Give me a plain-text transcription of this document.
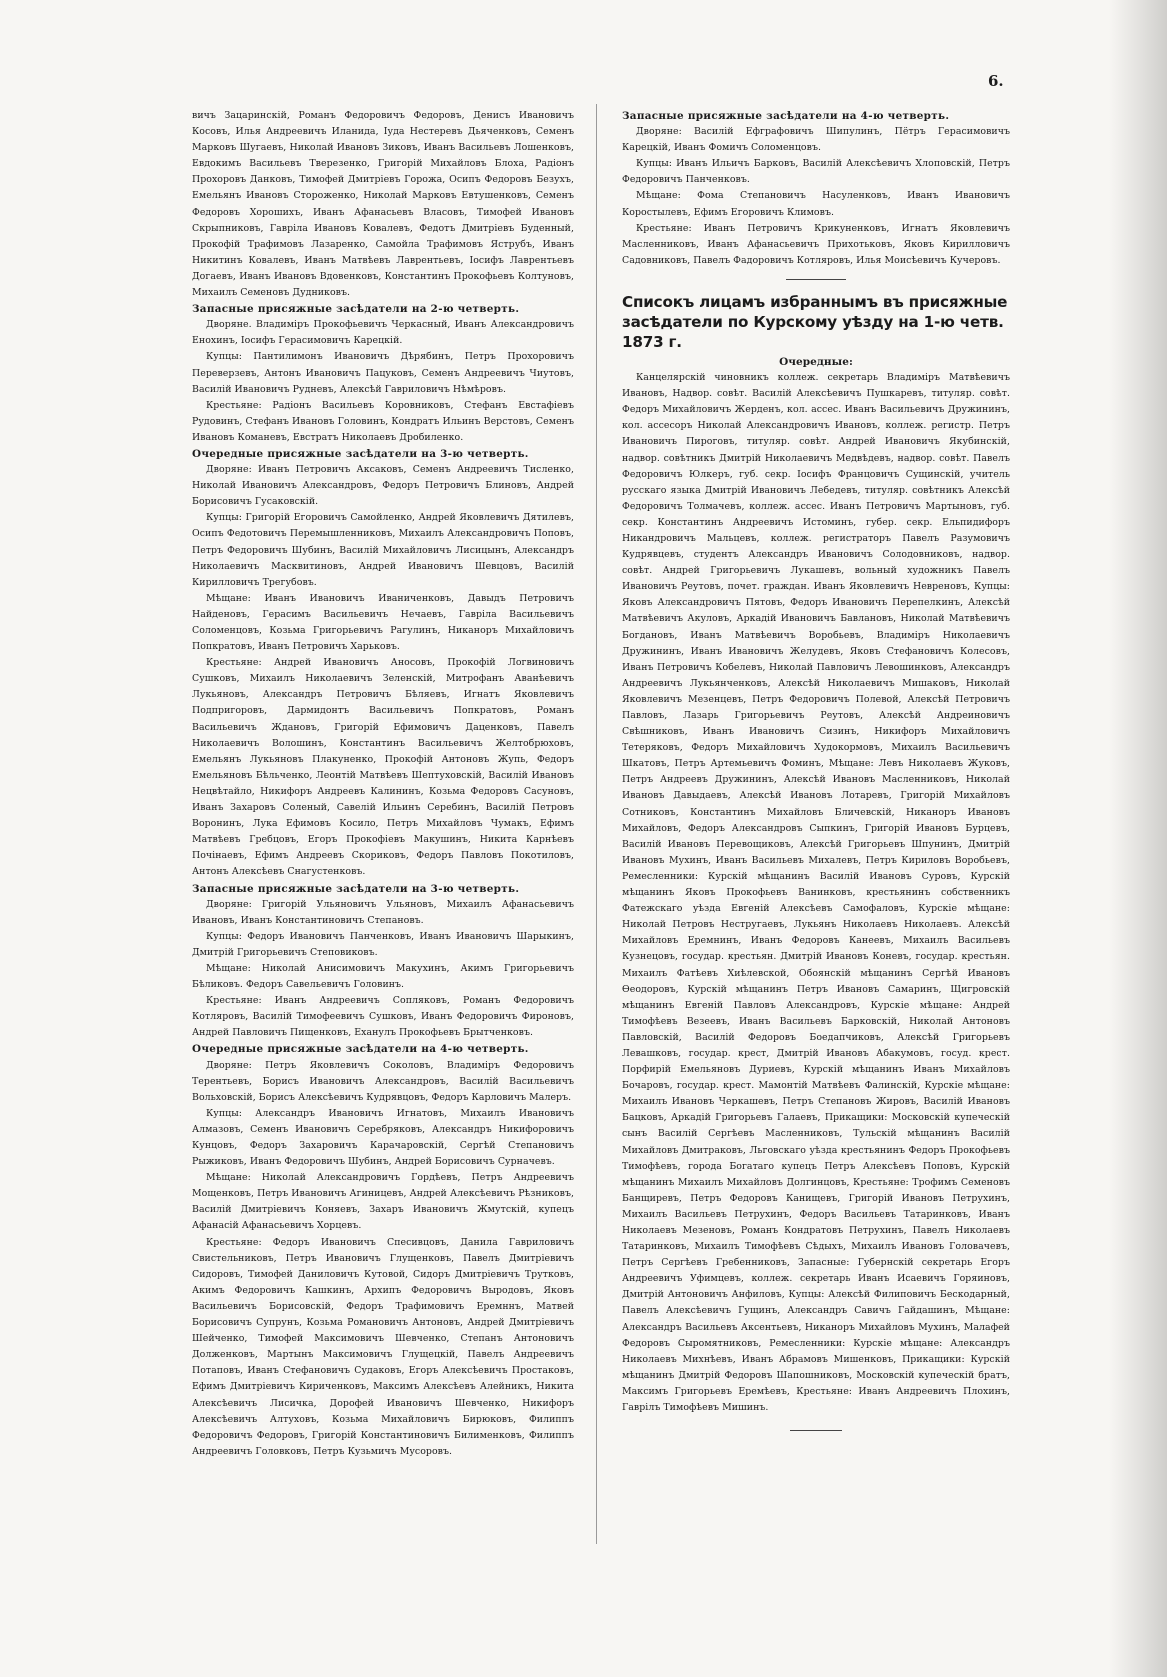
6.

вичъ Зацаринскій, Романъ Федоровичъ Федоровъ, Денисъ Ивановичъ Косовъ, Илья Андреевичъ Иланида, Іуда Нестеревъ Дьяченковъ, Семенъ Марковъ Шугаевъ, Николай Ивановъ Зиковъ, Иванъ Васильевъ Лошенковъ, Евдокимъ Васильевъ Тверезенко, Григорій Михайловъ Блоха, Радіонъ Прохоровъ Данковъ, Тимофей Дмитріевъ Горожа, Осипъ Федоровъ Безухъ, Емельянъ Ивановъ Стороженко, Николай Марковъ Евтушенковъ, Семенъ Федоровъ Хорошихъ, Иванъ Афанасьевъ Власовъ, Тимофей Ивановъ Скрыпниковъ, Гавріла Ивановъ Ковалевъ, Федотъ Дмитріевъ Буденный, Прокофій Трафимовъ Лазаренко, Самойла Трафимовъ Яструбъ, Иванъ Никитинъ Ковалевъ, Иванъ Матвѣевъ Лаврентьевъ, Іосифъ Лаврентьевъ Догаевъ, Иванъ Ивановъ Вдовенковъ, Константинъ Прокофьевъ Колтуновъ, Михаилъ Семеновъ Дудниковъ.

Запасные присяжные засѣдатели на 2-ю четверть.

Дворяне. Владиміръ Прокофьевичъ Черкасный, Иванъ Александровичъ Енохинъ, Іосифъ Герасимовичъ Карецкій.

Купцы: Пантилимонъ Ивановичъ Дѣрябинъ, Петръ Прохоровичъ Переверзевъ, Антонъ Ивановичъ Пацуковъ, Семенъ Андреевичъ Чиутовъ, Василій Ивановичъ Рудневъ, Алексѣй Гавриловичъ Нѣмѣровъ.

Крестьяне: Радіонъ Васильевъ Коровниковъ, Стефанъ Евстафіевъ Рудовинъ, Стефанъ Ивановъ Головинъ, Кондратъ Ильинъ Верстовъ, Семенъ Ивановъ Команевъ, Евстратъ Николаевъ Дробиленко.

Очередные присяжные засѣдатели на 3-ю четверть.

Дворяне: Иванъ Петровичъ Аксаковъ, Семенъ Андреевичъ Тисленко, Николай Ивановичъ Александровъ, Федоръ Петровичъ Блиновъ, Андрей Борисовичъ Гусаковскій.

Купцы: Григорій Егоровичъ Самойленко, Андрей Яковлевичъ Дятилевъ, Осипъ Федотовичъ Перемышленниковъ, Михаилъ Александровичъ Поповъ, Петръ Федоровичъ Шубинъ, Василій Михайловичъ Лисицынъ, Александръ Николаевичъ Масквитиновъ, Андрей Ивановичъ Шевцовъ, Василій Кирилловичъ Трегубовъ.

Мѣщане: Иванъ Ивановичъ Иваниченковъ, Давыдъ Петровичъ Найденовъ, Герасимъ Васильевичъ Нечаевъ, Гавріла Васильевичъ Соломенцовъ, Козьма Григорьевичъ Рагулинъ, Никаноръ Михайловичъ Попкратовъ, Иванъ Петровичъ Харьковъ.

Крестьяне: Андрей Ивановичъ Аносовъ, Прокофій Логвиновичъ Сушковъ, Михаилъ Николаевичъ Зеленскій, Митрофанъ Аванѣевичъ Лукьяновъ, Александръ Петровичъ Бѣляевъ, Игнатъ Яковлевичъ Подпригоровъ, Дармидонтъ Васильевичъ Попкратовъ, Романъ Васильевичъ Ждановъ, Григорій Ефимовичъ Даценковъ, Павелъ Николаевичъ Волошинъ, Константинъ Васильевичъ Желтобрюховъ, Емельянъ Лукьяновъ Плакуненко, Прокофій Антоновъ Жупь, Федоръ Емельяновъ Бѣльченко, Леонтій Матвѣевъ Шептуховскій, Василій Ивановъ Нецвѣтайло, Никифоръ Андреевъ Калининъ, Козьма Федоровъ Сасуновъ, Иванъ Захаровъ Соленый, Савелій Ильинъ Серебинъ, Василій Петровъ Воронинъ, Лука Ефимовъ Косило, Петръ Михайловъ Чумакъ, Ефимъ Матвѣевъ Гребцовъ, Егоръ Прокофіевъ Макушинъ, Никита Карнѣевъ Почінаевъ, Ефимъ Андреевъ Скориковъ, Федоръ Павловъ Покотиловъ, Антонъ Алексѣевъ Снагустенковъ.

Запасные присяжные засѣдатели на 3-ю четверть.

Дворяне: Григорій Ульяновичъ Ульяновъ, Михаилъ Афанасьевичъ Ивановъ, Иванъ Константиновичъ Степановъ.

Купцы: Федоръ Ивановичъ Панченковъ, Иванъ Ивановичъ Шарыкинъ, Дмитрій Григорьевичъ Степовиковъ.

Мѣщане: Николай Анисимовичъ Макухинъ, Акимъ Григорьевичъ Бѣликовъ. Федоръ Савельевичъ Головинъ.

Крестьяне: Иванъ Андреевичъ Сопляковъ, Романъ Федоровичъ Котляровъ, Василій Тимофеевичъ Сушковъ, Иванъ Федоровичъ Фироновъ, Андрей Павловичъ Пищенковъ, Еханулъ Прокофьевъ Брытченковъ.

Очередные присяжные засѣдатели на 4-ю четверть.

Дворяне: Петръ Яковлевичъ Соколовъ, Владиміръ Федоровичъ Терентьевъ, Борисъ Ивановичъ Александровъ, Василій Васильевичъ Вольховскій, Борисъ Алексѣевичъ Кудрявцовъ, Федоръ Карловичъ Малеръ.

Купцы: Александръ Ивановичъ Игнатовъ, Михаилъ Ивановичъ Алмазовъ, Семенъ Ивановичъ Серебряковъ, Александръ Никифоровичъ Кунцовъ, Федоръ Захаровичъ Карачаровскій, Сергѣй Степановичъ Рыжиковъ, Иванъ Федоровичъ Шубинъ, Андрей Борисовичъ Сурначевъ.

Мѣщане: Николай Александровичъ Гордѣевъ, Петръ Андреевичъ Мощенковъ, Петръ Ивановичъ Агиницевъ, Андрей Алексѣевичъ Рѣзниковъ, Василій Дмитріевичъ Коняевъ, Захаръ Ивановичъ Жмутскій, купецъ Афанасій Афанасьевичъ Хорцевъ.

Крестьяне: Федоръ Ивановичъ Спесивцовъ, Данила Гавриловичъ Свистельниковъ, Петръ Ивановичъ Глущенковъ, Павелъ Дмитріевичъ Сидоровъ, Тимофей Даниловичъ Кутовой, Сидоръ Дмитріевичъ Трутковъ, Акимъ Федоровичъ Кашкинъ, Архипъ Федоровичъ Выродовъ, Яковъ Васильевичъ Борисовскій, Федоръ Трафимовичъ Еремннъ, Матвей Борисовичъ Супрунъ, Козьма Романовичъ Антоновъ, Андрей Дмитріевичъ Шейченко, Тимофей Максимовичъ Шевченко, Степанъ Антоновичъ Долженковъ, Мартынъ Максимовичъ Глущецкій, Павелъ Андреевичъ Потаповъ, Иванъ Стефановичъ Судаковъ, Егоръ Алексѣевичъ Простаковъ, Ефимъ Дмитріевичъ Кириченковъ, Максимъ Алексѣевъ Алейникъ, Никита Алексѣевичъ Лисичка, Дорофей Ивановичъ Шевченко, Никифоръ Алексѣевичъ Алтуховъ, Козьма Михайловичъ Бирюковъ, Филиппъ Федоровичъ Федоровъ, Григорій Константиновичъ Билименковъ, Филиппъ Андреевичъ Головковъ, Петръ Кузьмичъ Мусоровъ.

Запасные присяжные засѣдатели на 4-ю четверть.

Дворяне: Василій Ефграфовичъ Шипулинъ, Пётръ Герасимовичъ Карецкій, Иванъ Фомичъ Соломенцовъ.

Купцы: Иванъ Ильичъ Барковъ, Василій Алексѣевичъ Хлоповскій, Петръ Федоровичъ Панченковъ.

Мѣщане: Фома Степановичъ Насуленковъ, Иванъ Ивановичъ Коростылевъ, Ефимъ Егоровичъ Климовъ.

Крестьяне: Иванъ Петровичъ Крикуненковъ, Игнатъ Яковлевичъ Масленниковъ, Иванъ Афанасьевичъ Прихотьковъ, Яковъ Кирилловичъ Садовниковъ, Павелъ Фадоровичъ Котляровъ, Илья Моисѣевичъ Кучеровъ.

Списокъ лицамъ избраннымъ въ присяжные засѣдатели по Курскому уѣзду на 1-ю четв. 1873 г.

Очередные:

Канцелярскій чиновникъ коллеж. секретарь Владиміръ Матвѣевичъ Ивановъ, Надвор. совѣт. Василій Алексѣевичъ Пушкаревъ, титуляр. совѣт. Федоръ Михайловичъ Жерденъ, кол. ассес. Иванъ Васильевичъ Дружининъ, кол. ассесоръ Николай Александровичъ Ивановъ, коллеж. регистр. Петръ Ивановичъ Пироговъ, титуляр. совѣт. Андрей Ивановичъ Якубинскій, надвор. совѣтникъ Дмитрій Николаевичъ Медвѣдевъ, надвор. совѣт. Павелъ Федоровичъ Юлкеръ, губ. секр. Іосифъ Францовичъ Сущинскій, учитель русскаго языка Дмитрій Ивановичъ Лебедевъ, титуляр. совѣтникъ Алексѣй Федоровичъ Толмачевъ, коллеж. ассес. Иванъ Петровичъ Мартыновъ, губ. секр. Константинъ Андреевичъ Истоминъ, губер. секр. Ельпидифоръ Никандровичъ Мальцевъ, коллеж. регистраторъ Павелъ Разумовичъ Кудрявцевъ, студентъ Александръ Ивановичъ Солодовниковъ, надвор. совѣт. Андрей Григорьевичъ Лукашевъ, вольный художникъ Павелъ Ивановичъ Реутовъ, почет. граждан. Иванъ Яковлевичъ Невреновъ, Купцы: Яковъ Александровичъ Пятовъ, Федоръ Ивановичъ Перепелкинъ, Алексѣй Матвѣевичъ Акуловъ, Аркадій Ивановичъ Бавлановъ, Николай Матвѣевичъ Богдановъ, Иванъ Матвѣевичъ Воробьевъ, Владиміръ Николаевичъ Дружининъ, Иванъ Ивановичъ Желудевъ, Яковъ Стефановичъ Колесовъ, Иванъ Петровичъ Кобелевъ, Николай Павловичъ Левошинковъ, Александръ Андреевичъ Лукьянченковъ, Алексѣй Николаевичъ Мишаковъ, Николай Яковлевичъ Мезенцевъ, Петръ Федоровичъ Полевой, Алексѣй Петровичъ Павловъ, Лазарь Григорьевичъ Реутовъ, Алексѣй Андреиновичъ Свѣшниковъ, Иванъ Ивановичъ Сизинъ, Никифоръ Михайловичъ Тетеряковъ, Федоръ Михайловичъ Худокормовъ, Михаилъ Васильевичъ Шкатовъ, Петръ Артемьевичъ Фоминъ, Мѣщане: Левъ Николаевъ Жуковъ, Петръ Андреевъ Дружининъ, Алексѣй Ивановъ Масленниковъ, Николай Ивановъ Давыдаевъ, Алексѣй Ивановъ Лотаревъ, Григорій Михайловъ Сотниковъ, Константинъ Михайловъ Бличевскій, Никаноръ Ивановъ Михайловъ, Федоръ Александровъ Сыпкинъ, Григорій Ивановъ Бурцевъ, Василій Ивановъ Перевощиковъ, Алексѣй Григорьевъ Шпунинъ, Дмитрій Ивановъ Мухинъ, Иванъ Васильевъ Михалевъ, Петръ Кириловъ Воробьевъ, Ремесленники: Курскій мѣщанинъ Василій Ивановъ Суровъ, Курскій мѣщанинъ Яковъ Прокофьевъ Ванинковъ, крестьянинъ собственникъ Фатежскаго уѣзда Евгеній Алексѣевъ Самофаловъ, Курскіе мѣщане: Николай Петровъ Нестругаевъ, Лукьянъ Николаевъ Николаевъ. Алексѣй Михайловъ Еремнинъ, Иванъ Федоровъ Канеевъ, Михаилъ Васильевъ Кузнецовъ, государ. крестьян. Дмитрій Ивановъ Коневъ, государ. крестьян. Михаилъ Фатѣевъ Хиѣлевской, Обоянскій мѣщанинъ Сергѣй Ивановъ Ѳеодоровъ, Курскій мѣщанинъ Петръ Ивановъ Самаринъ, Щигровскій мѣщанинъ Евгеній Павловъ Александровъ, Курскіе мѣщане: Андрей Тимофѣевъ Везеевъ, Иванъ Васильевъ Барковскій, Николай Антоновъ Павловскій, Василій Федоровъ Боедапчиковъ, Алексѣй Григорьевъ Левашковъ, государ. крест, Дмитрій Ивановъ Абакумовъ, госуд. крест. Порфирій Емельяновъ Дуриевъ, Курскій мѣщанинъ Иванъ Михайловъ Бочаровъ, государ. крест. Мамонтій Матвѣевъ Фалинскій, Курскіе мѣщане: Михаилъ Ивановъ Черкашевъ, Петръ Степановъ Жировъ, Василій Ивановъ Бацковъ, Аркадій Григорьевъ Галаевъ, Прикащики: Московскій купеческій сынъ Василій Сергѣевъ Масленниковъ, Тульскій мѣщанинъ Василій Михайловъ Дмитраковъ, Льговскаго уѣзда крестьянинъ Федоръ Прокофьевъ Тимофѣевъ, города Богатаго купецъ Петръ Алексѣевъ Поповъ, Курскій мѣщанинъ Михаилъ Михайловъ Долгинцовъ, Крестьяне: Трофимъ Семеновъ Банщиревъ, Петръ Федоровъ Канищевъ, Григорій Ивановъ Петрухинъ, Михаилъ Васильевъ Петрухинъ, Федоръ Васильевъ Татаринковъ, Иванъ Николаевъ Мезеновъ, Романъ Кондратовъ Петрухинъ, Павелъ Николаевъ Татаринковъ, Михаилъ Тимофѣевъ Сѣдыхъ, Михаилъ Ивановъ Головачевъ, Петръ Сергѣевъ Гребенниковъ, Запасные: Губернскій секретарь Егоръ Андреевичъ Уфимцевъ, коллеж. секретарь Иванъ Исаевичъ Горяиновъ, Дмитрій Антоновичъ Анфиловъ, Купцы: Алексѣй Филиповичъ Бескодарный, Павелъ Алексѣевичъ Гущинъ, Александръ Савичъ Гайдашинъ, Мѣщане: Александръ Васильевъ Аксентьевъ, Никаноръ Михайловъ Мухинъ, Малафей Федоровъ Сыромятниковъ, Ремесленники: Курскіе мѣщане: Александръ Николаевъ Михнѣевъ, Иванъ Абрамовъ Мишенковъ, Прикащики: Курскій мѣщанинъ Дмитрій Федоровъ Шапошниковъ, Московскій купеческій братъ, Максимъ Григорьевъ Еремѣевъ, Крестьяне: Иванъ Андреевичъ Плохинъ, Гаврілъ Тимофѣевъ Мишинъ.
